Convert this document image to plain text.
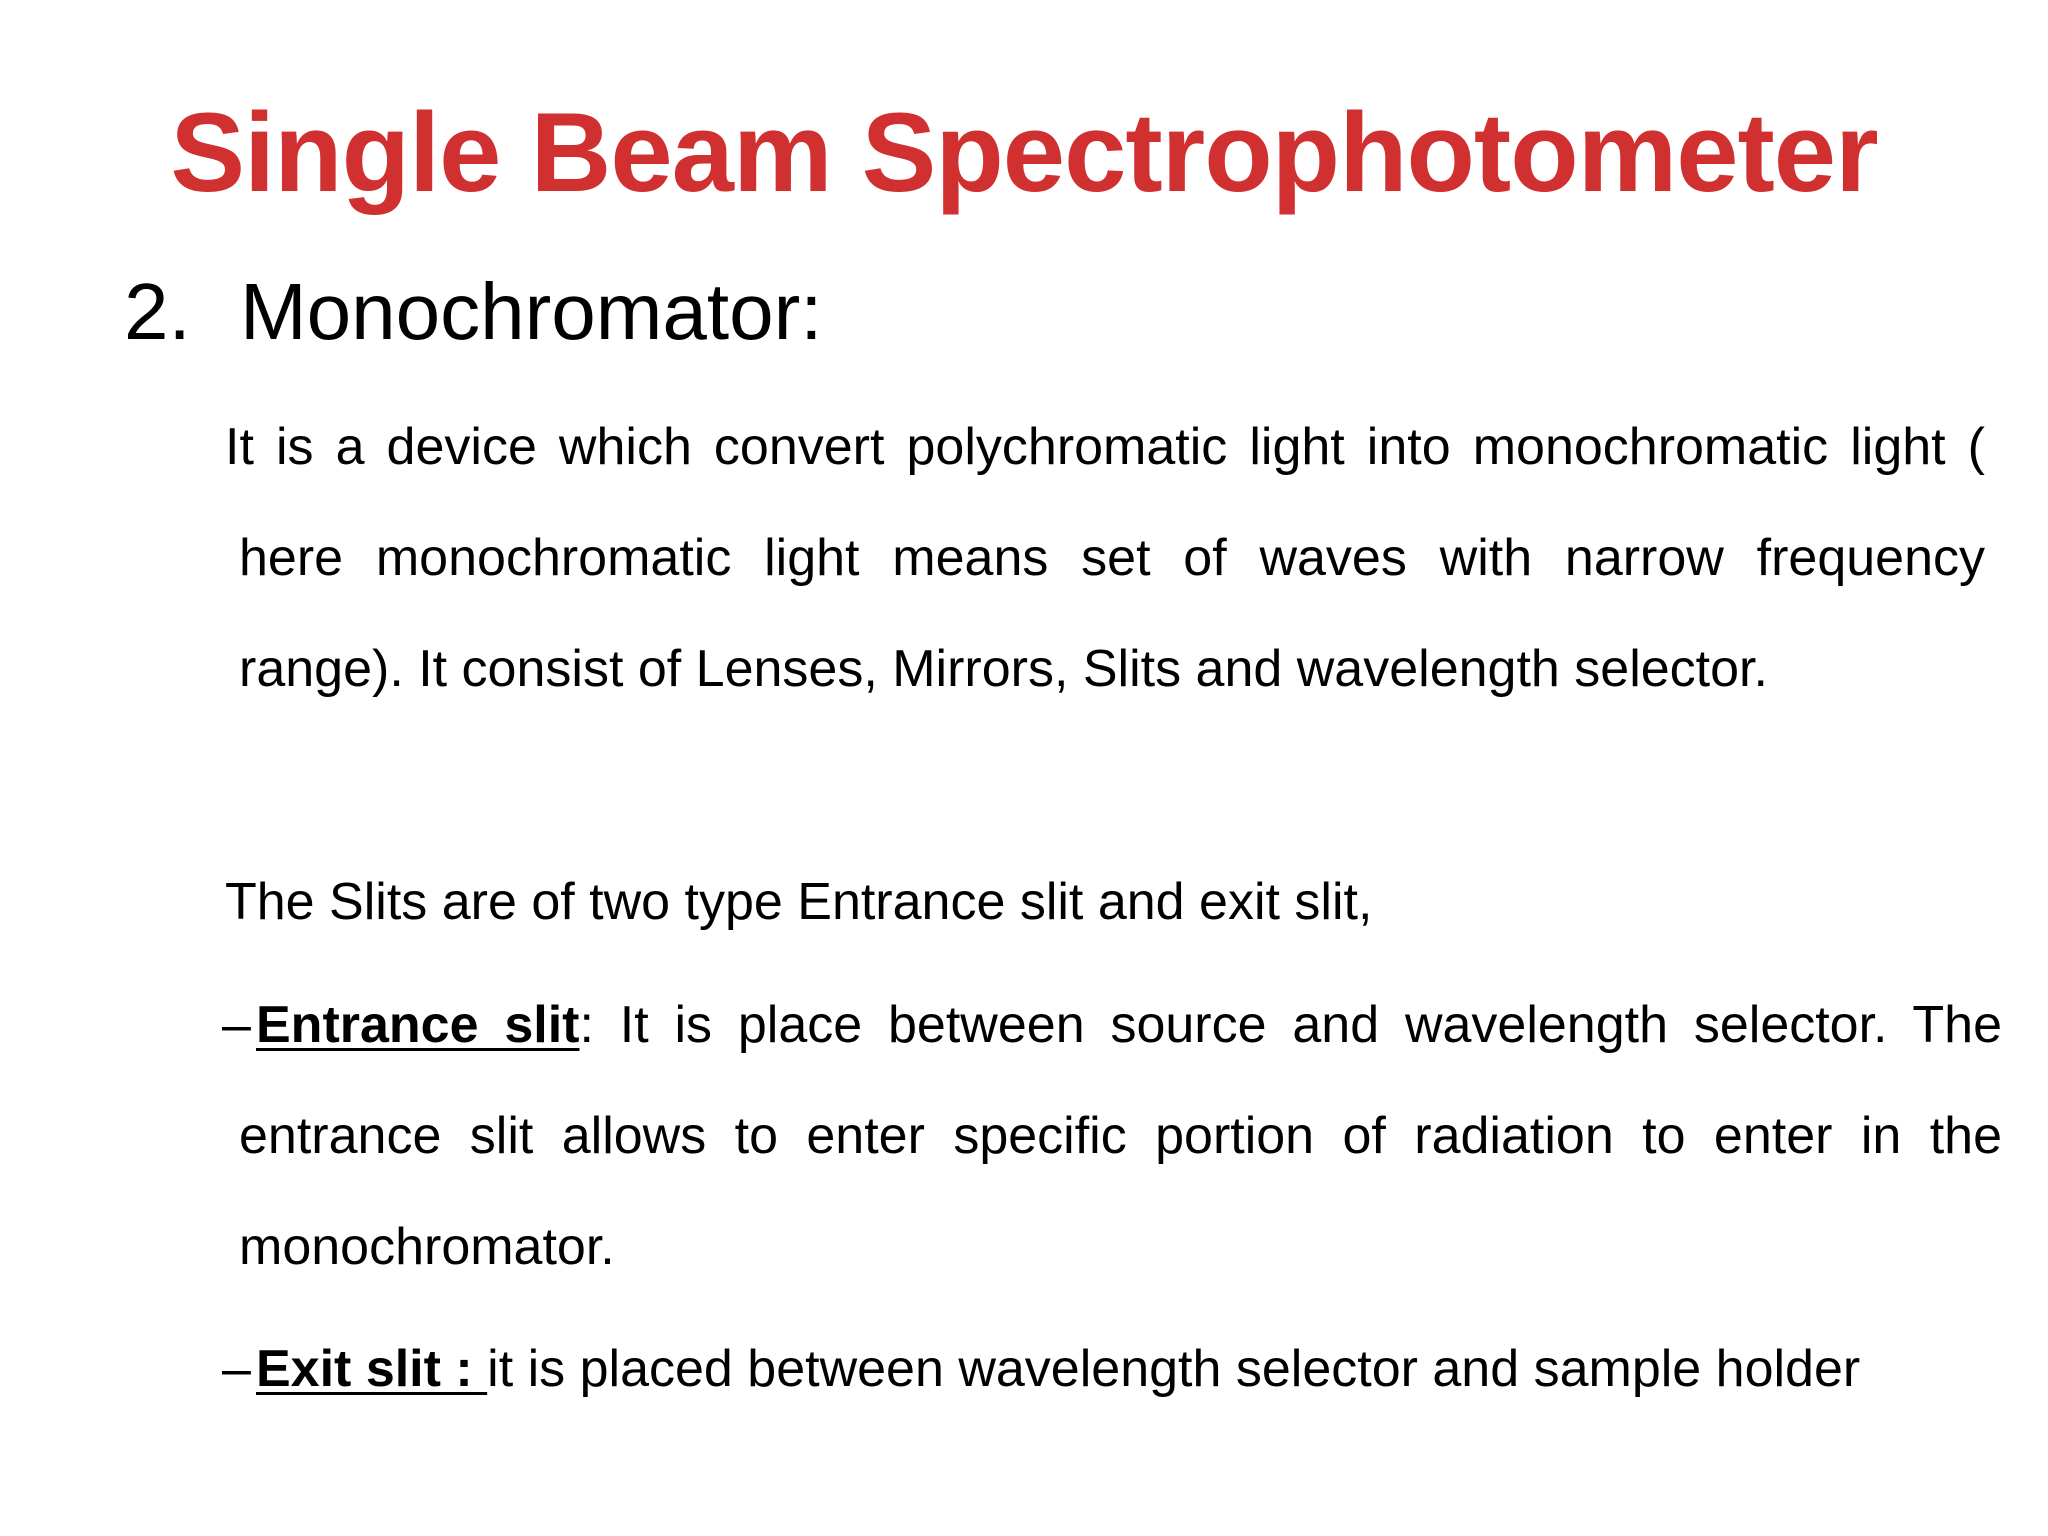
Single Beam Spectrophotometer
2. Monochromator:

It is a device which convert polychromatic light into monochromatic light ( here monochromatic light means set of waves with narrow frequency range). It consist of Lenses, Mirrors, Slits and wavelength selector.

The Slits are of two type Entrance slit and exit slit,

–Entrance slit: It is place between source and wavelength selector. The entrance slit allows to enter specific portion of radiation to enter in the monochromator.

–Exit slit : it is placed between wavelength selector and sample holder
